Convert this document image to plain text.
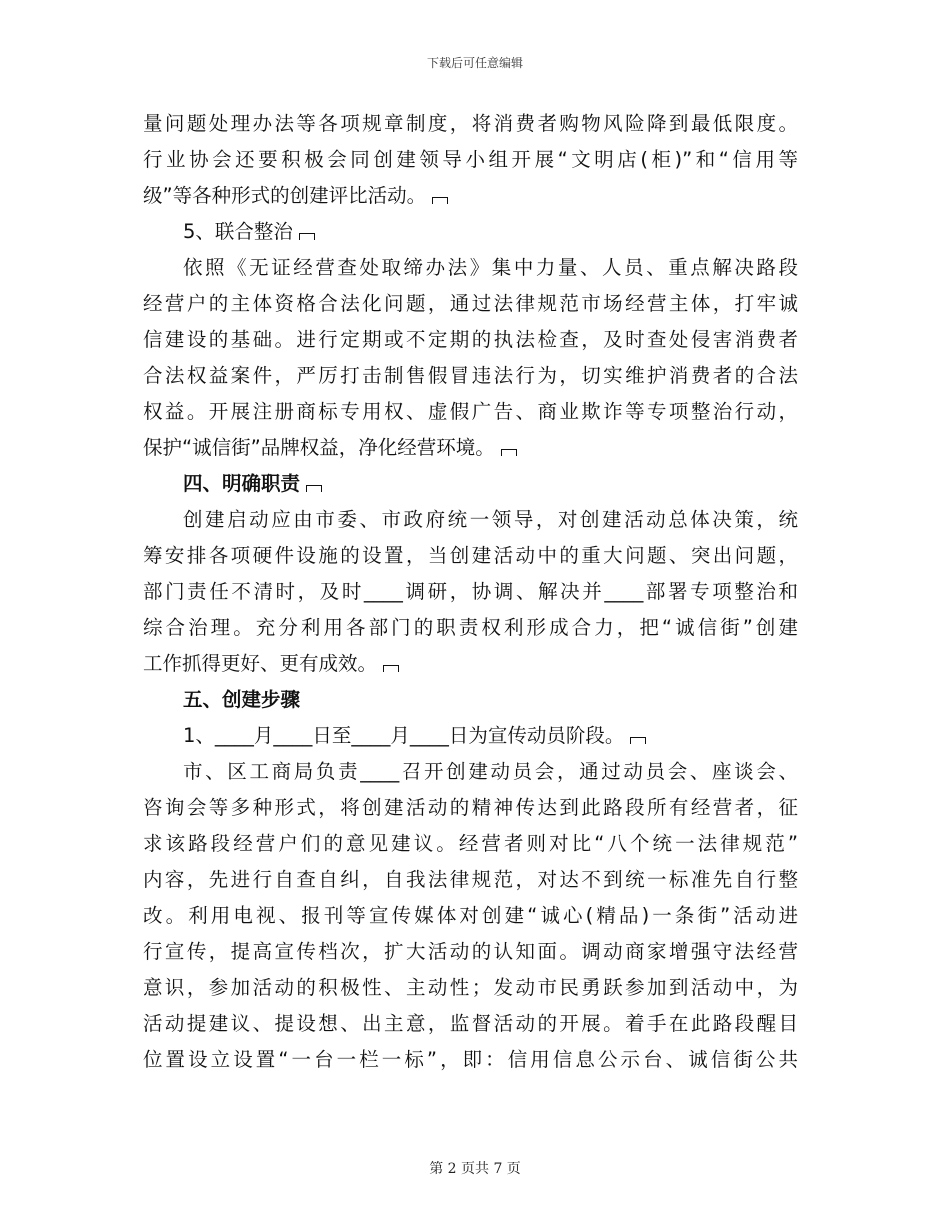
下载后可任意编辑
量问题处理办法等各项规章制度，将消费者购物风险降到最低限度。
行业协会还要积极会同创建领导小组开展“文明店(柜)”和“信用等
级”等各种形式的创建评比活动。
5、联合整治
依照《无证经营查处取缔办法》集中力量、人员、重点解决路段
经营户的主体资格合法化问题，通过法律规范市场经营主体，打牢诚
信建设的基础。进行定期或不定期的执法检查，及时查处侵害消费者
合法权益案件，严厉打击制售假冒违法行为，切实维护消费者的合法
权益。开展注册商标专用权、虚假广告、商业欺诈等专项整治行动，
保护“诚信街”品牌权益，净化经营环境。
四、明确职责
创建启动应由市委、市政府统一领导，对创建活动总体决策，统
筹安排各项硬件设施的设置，当创建活动中的重大问题、突出问题，
部门责任不清时，及时____调研，协调、解决并____部署专项整治和
综合治理。充分利用各部门的职责权利形成合力，把“诚信街”创建
工作抓得更好、更有成效。
五、创建步骤
1、____月____日至____月____日为宣传动员阶段。
市、区工商局负责____召开创建动员会，通过动员会、座谈会、
咨询会等多种形式，将创建活动的精神传达到此路段所有经营者，征
求该路段经营户们的意见建议。经营者则对比“八个统一法律规范”
内容，先进行自查自纠，自我法律规范，对达不到统一标准先自行整
改。利用电视、报刊等宣传媒体对创建“诚心(精品)一条街”活动进
行宣传，提高宣传档次，扩大活动的认知面。调动商家增强守法经营
意识，参加活动的积极性、主动性；发动市民勇跃参加到活动中，为
活动提建议、提设想、出主意，监督活动的开展。着手在此路段醒目
位置设立设置“一台一栏一标”，即：信用信息公示台、诚信街公共
第 2 页共 7 页
